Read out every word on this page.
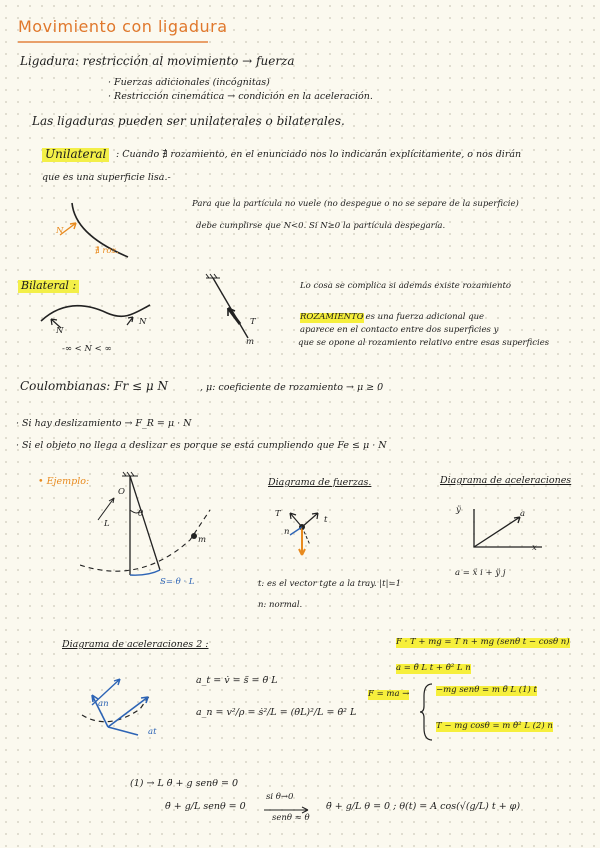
Movimiento con ligadura
Ligadura: restricción al movimiento → fuerza
· Fuerzas adicionales (incógnitas)
· Restricción cinemática → condición en la aceleración.
Las ligaduras pueden ser unilaterales o bilaterales.
Unilateral	: Cuando ∄ rozamiento, en el enunciado nos lo indicarán explícitamente, o nos dirán
que es una superficie lisa.-
N
∄ roz.
Para que la partícula no vuele (no despegue o no se separe de la superficie)
debe cumplirse que N<0. Si N≥0 la partícula despegaría.
Bilateral :
N
N
-∞ < N < ∞
T
m
Lo cosa se complica si además existe rozamiento
ROZAMIENTO
: es una fuerza adicional que
aparece en el contacto entre dos superficies y
que se opone al rozamiento relativo entre esas superficies
Coulombianas: Fr ≤ μ N	, μ: coeficiente de rozamiento → μ ≥ 0
· Si hay deslizamiento → F_R = μ · N
· Si el objeto no llega a deslizar es porque se está cumpliendo que Fe ≤ μ · N
• Ejemplo:
O
θ
L
m
S= θ · L
Diagrama de fuerzas.
T
t
n
t: es el vector tgte a la tray. |t|=1
n: normal.
Diagrama de aceleraciones
ÿ
x
a
a = ẍ i + ÿ j
Diagrama de aceleraciones 2 :
an
at
a_t = v̇ = s̈ = θ̈ L
a_n = v²/ρ = ṡ²/L = (θ̇L)²/L = θ̇² L
F · T + mg = T n + mg (senθ t − cosθ n)
a = θ̈ L t + θ̇² L n
F = ma →	−mg senθ = m θ̈ L (1) t
T − mg cosθ = m θ̇² L (2) n
(1) → L θ̈ + g senθ = 0
θ̈ + g/L senθ = 0
si θ→0
senθ ≈ θ
θ̈ + g/L θ = 0 ; θ(t) = A cos(√(g/L) t + φ)
